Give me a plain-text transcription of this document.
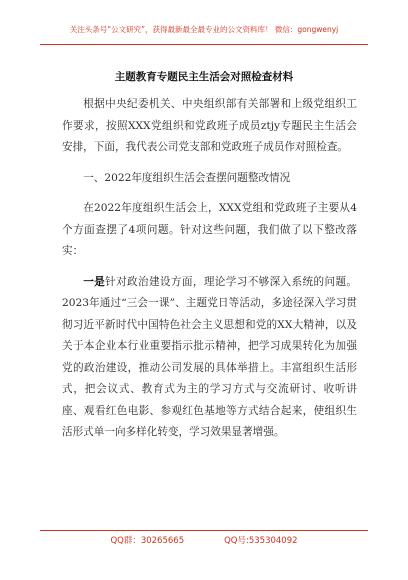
关注头条号“公文研究”，获得最新最全最专业的公文资料库！ 微信：gongwenyj
主题教育专题民主生活会对照检查材料

根据中央纪委机关、中央组织部有关部署和上级党组织工作要求，按照XXX党组织和党政班子成员ztjy专题民主生活会安排，下面，我代表公司党支部和党政班子成员作对照检查。

一、2022年度组织生活会查摆问题整改情况

在2022年度组织生活会上，XXX党组和党政班子主要从4个方面查摆了4项问题。针对这些问题，我们做了以下整改落实：

一是针对政治建设方面，理论学习不够深入系统的问题。2023年通过“三会一课”、主题党日等活动，多途径深入学习贯彻习近平新时代中国特色社会主义思想和党的XX大精神，以及关于本企业本行业重要指示批示精神，把学习成果转化为加强党的政治建设，推动公司发展的具体举措上。丰富组织生活形式，把会议式、教育式为主的学习方式与交流研讨、收听讲座、观看红色电影、参观红色基地等方式结合起来，使组织生活形式单一向多样化转变，学习效果显著增强。

QQ群：30265665	QQ号:535304092
